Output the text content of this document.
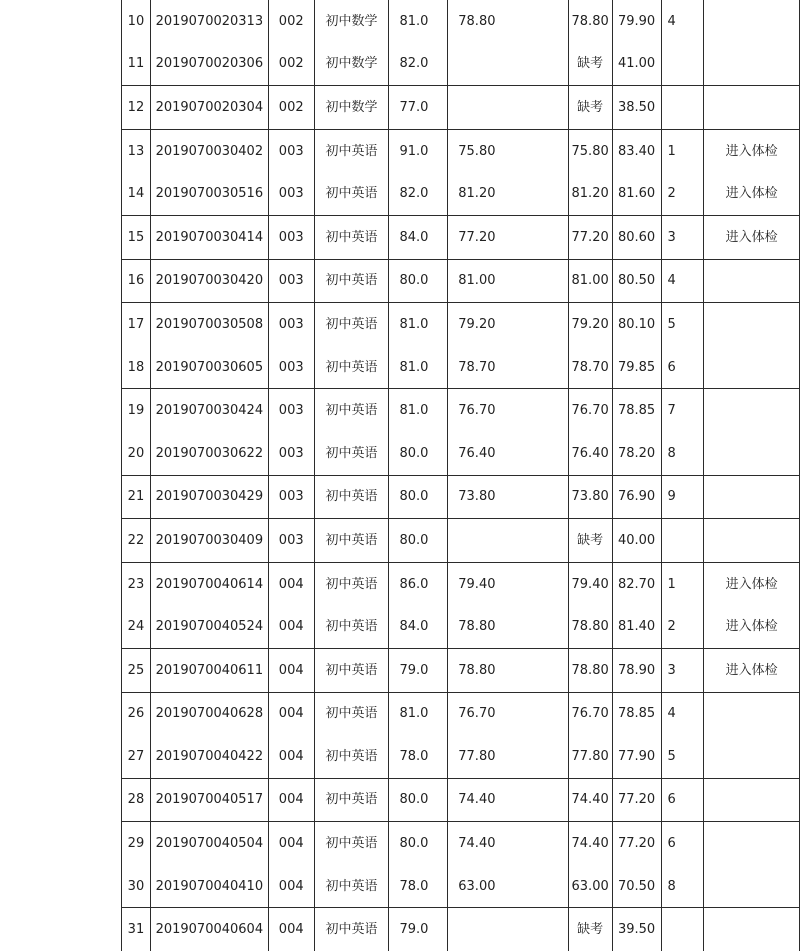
10	2019070020313	002	初中数学	81.0	78.80	78.80	79.90	4	
11	2019070020306	002	初中数学	82.0		缺考	41.00		
12	2019070020304	002	初中数学	77.0		缺考	38.50		
13	2019070030402	003	初中英语	91.0	75.80	75.80	83.40	1	进入体检
14	2019070030516	003	初中英语	82.0	81.20	81.20	81.60	2	进入体检
15	2019070030414	003	初中英语	84.0	77.20	77.20	80.60	3	进入体检
16	2019070030420	003	初中英语	80.0	81.00	81.00	80.50	4	
17	2019070030508	003	初中英语	81.0	79.20	79.20	80.10	5	
18	2019070030605	003	初中英语	81.0	78.70	78.70	79.85	6	
19	2019070030424	003	初中英语	81.0	76.70	76.70	78.85	7	
20	2019070030622	003	初中英语	80.0	76.40	76.40	78.20	8	
21	2019070030429	003	初中英语	80.0	73.80	73.80	76.90	9	
22	2019070030409	003	初中英语	80.0		缺考	40.00		
23	2019070040614	004	初中英语	86.0	79.40	79.40	82.70	1	进入体检
24	2019070040524	004	初中英语	84.0	78.80	78.80	81.40	2	进入体检
25	2019070040611	004	初中英语	79.0	78.80	78.80	78.90	3	进入体检
26	2019070040628	004	初中英语	81.0	76.70	76.70	78.85	4	
27	2019070040422	004	初中英语	78.0	77.80	77.80	77.90	5	
28	2019070040517	004	初中英语	80.0	74.40	74.40	77.20	6	
29	2019070040504	004	初中英语	80.0	74.40	74.40	77.20	6	
30	2019070040410	004	初中英语	78.0	63.00	63.00	70.50	8	
31	2019070040604	004	初中英语	79.0		缺考	39.50		
